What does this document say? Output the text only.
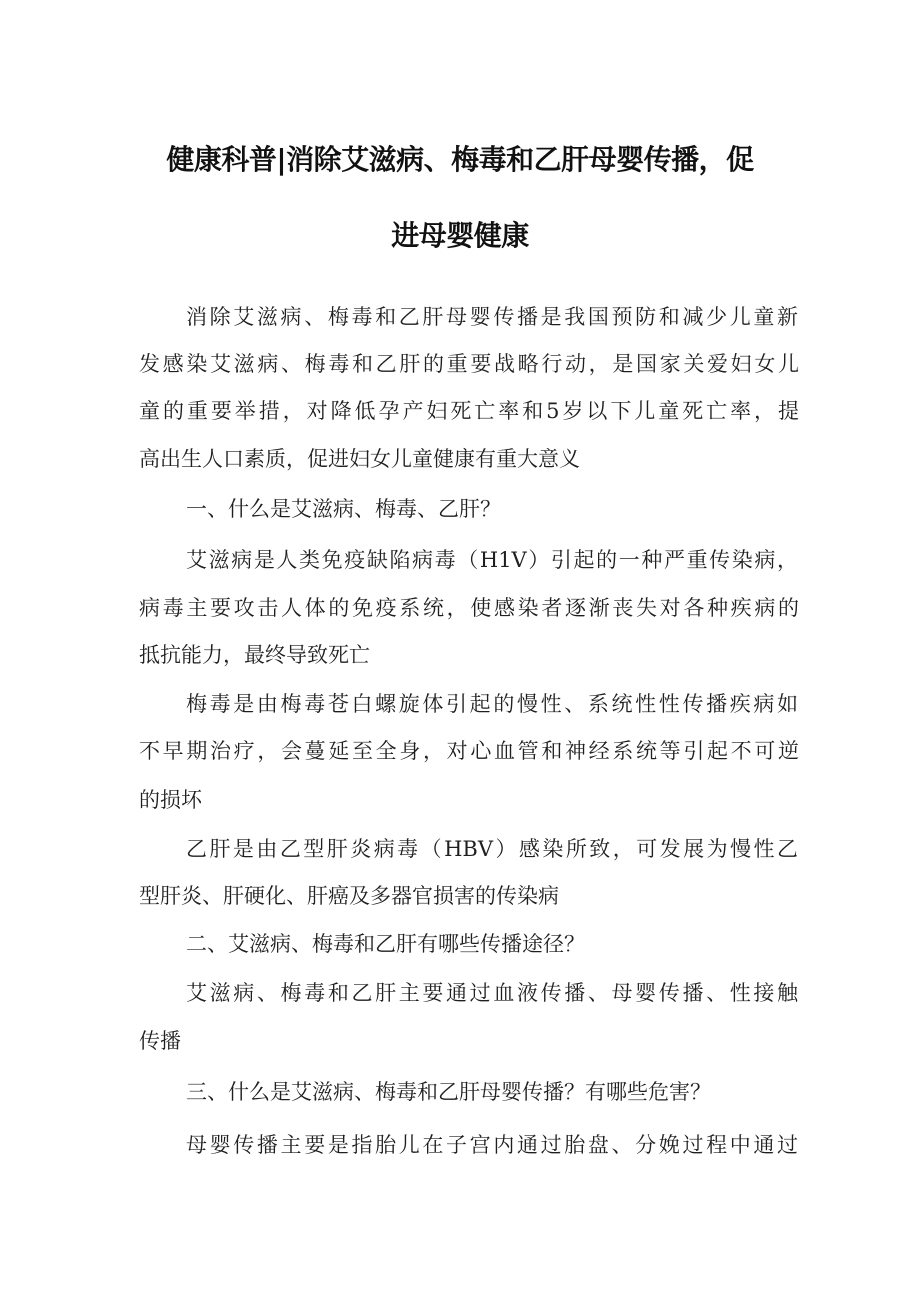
健康科普|消除艾滋病、梅毒和乙肝母婴传播，促
进母婴健康
消除艾滋病、梅毒和乙肝母婴传播是我国预防和减少儿童新
发感染艾滋病、梅毒和乙肝的重要战略行动，是国家关爱妇女儿
童的重要举措，对降低孕产妇死亡率和5岁以下儿童死亡率，提
高出生人口素质，促进妇女儿童健康有重大意义
一、什么是艾滋病、梅毒、乙肝？
艾滋病是人类免疫缺陷病毒（H1V）引起的一种严重传染病，
病毒主要攻击人体的免疫系统，使感染者逐渐丧失对各种疾病的
抵抗能力，最终导致死亡
梅毒是由梅毒苍白螺旋体引起的慢性、系统性性传播疾病如
不早期治疗，会蔓延至全身，对心血管和神经系统等引起不可逆
的损坏
乙肝是由乙型肝炎病毒（HBV）感染所致，可发展为慢性乙
型肝炎、肝硬化、肝癌及多器官损害的传染病
二、艾滋病、梅毒和乙肝有哪些传播途径？
艾滋病、梅毒和乙肝主要通过血液传播、母婴传播、性接触
传播
三、什么是艾滋病、梅毒和乙肝母婴传播？有哪些危害？
母婴传播主要是指胎儿在子宫内通过胎盘、分娩过程中通过
